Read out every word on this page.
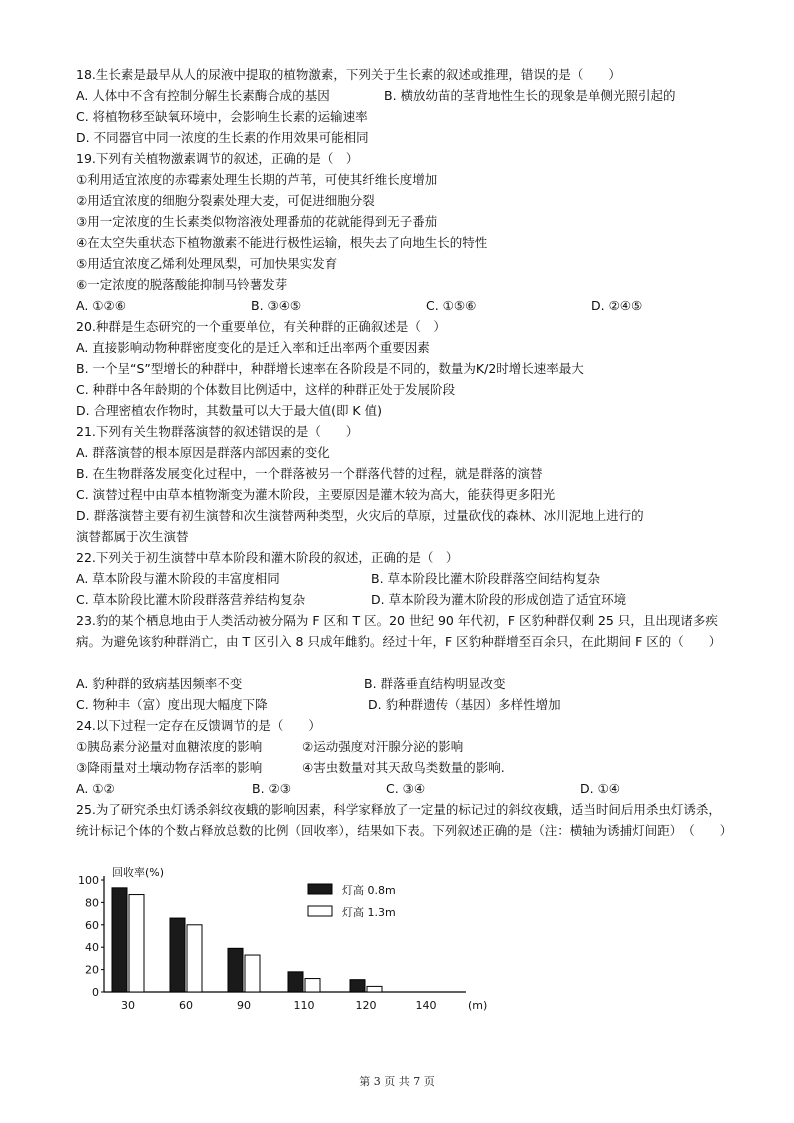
18.生长素是最早从人的尿液中提取的植物激素，下列关于生长素的叙述或推理，错误的是（　　）
A. 人体中不含有控制分解生长素酶合成的基因	B. 横放幼苗的茎背地性生长的现象是单侧光照引起的
C. 将植物移至缺氧环境中，会影响生长素的运输速率
D. 不同器官中同一浓度的生长素的作用效果可能相同
19.下列有关植物激素调节的叙述，正确的是（　）
①利用适宜浓度的赤霉素处理生长期的芦苇，可使其纤维长度增加
②用适宜浓度的细胞分裂素处理大麦，可促进细胞分裂
③用一定浓度的生长素类似物溶液处理番茄的花就能得到无子番茄
④在太空失重状态下植物激素不能进行极性运输，根失去了向地生长的特性
⑤用适宜浓度乙烯利处理凤梨，可加快果实发育
⑥一定浓度的脱落酸能抑制马铃薯发芽
A. ①②⑥	B. ③④⑤	C. ①⑤⑥	D. ②④⑤
20.种群是生态研究的一个重要单位，有关种群的正确叙述是（　）
A. 直接影响动物种群密度变化的是迁入率和迁出率两个重要因素
B. 一个呈“S”型增长的种群中，种群增长速率在各阶段是不同的，数量为K/2时增长速率最大
C. 种群中各年龄期的个体数目比例适中，这样的种群正处于发展阶段
D. 合理密植农作物时，其数量可以大于最大值(即 K 值)
21.下列有关生物群落演替的叙述错误的是（　　）
A. 群落演替的根本原因是群落内部因素的变化
B. 在生物群落发展变化过程中，一个群落被另一个群落代替的过程，就是群落的演替
C. 演替过程中由草本植物渐变为灌木阶段，主要原因是灌木较为高大，能获得更多阳光
D. 群落演替主要有初生演替和次生演替两种类型，火灾后的草原，过量砍伐的森林、冰川泥地上进行的
演替都属于次生演替
22.下列关于初生演替中草本阶段和灌木阶段的叙述，正确的是（　）
A. 草本阶段与灌木阶段的丰富度相同	B. 草本阶段比灌木阶段群落空间结构复杂
C. 草本阶段比灌木阶段群落营养结构复杂	D. 草本阶段为灌木阶段的形成创造了适宜环境
23.豹的某个栖息地由于人类活动被分隔为 F 区和 T 区。20 世纪 90 年代初，F 区豹种群仅剩 25 只，且出现诸多疾病。为避免该豹种群消亡，由 T 区引入 8 只成年雌豹。经过十年，F 区豹种群增至百余只，在此期间 F 区的（　　）
A. 豹种群的致病基因频率不变	B. 群落垂直结构明显改变
C. 物种丰（富）度出现大幅度下降	D. 豹种群遗传（基因）多样性增加
24.以下过程一定存在反馈调节的是（　　）
①胰岛素分泌量对血糖浓度的影响	②运动强度对汗腺分泌的影响
③降雨量对土壤动物存活率的影响	④害虫数量对其天敌鸟类数量的影响.
A. ①②	B. ②③	C. ③④	D. ①④
25.为了研究杀虫灯诱杀斜纹夜蛾的影响因素，科学家释放了一定量的标记过的斜纹夜蛾，适当时间后用杀虫灯诱杀，统计标记个体的个数占释放总数的比例（回收率），结果如下表。下列叙述正确的是（注：横轴为诱捕灯间距）　（　　）
0
20
40
60
80
100
30	60	90	110	120	140
回收率(%)
(m)
灯高 0.8m
灯高 1.3m
第 3 页 共 7 页
